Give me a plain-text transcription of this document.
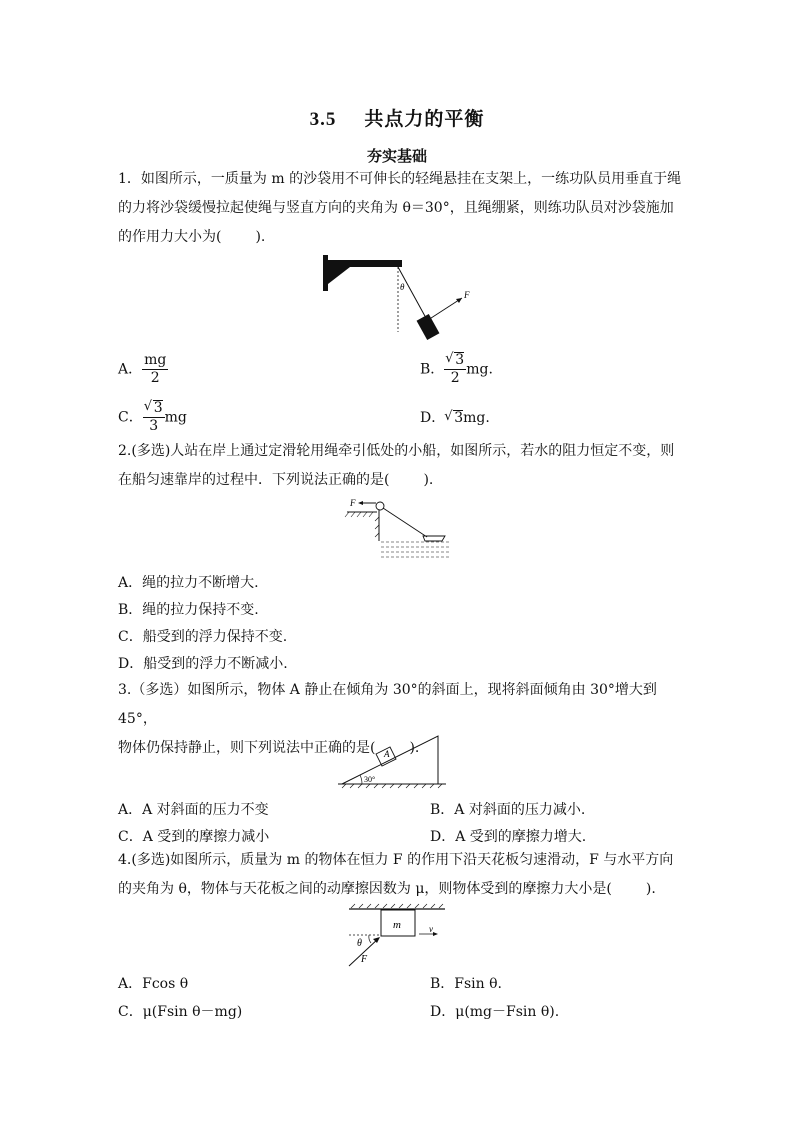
3.5 共点力的平衡
夯实基础
1．如图所示，一质量为 m 的沙袋用不可伸长的轻绳悬挂在支架上，一练功队员用垂直于绳
的力将沙袋缓慢拉起使绳与竖直方向的夹角为 θ＝30°，且绳绷紧，则练功队员对沙袋施加
的作用力大小为( ).
θ
F
A． $\frac{mg}{2}$	B． √ $\frac{3}{2}$ mg.
C． √ $\frac{3}{3}$ mg	D． √ 3mg.
2.(多选)人站在岸上通过定滑轮用绳牵引低处的小船，如图所示，若水的阻力恒定不变，则
在船匀速靠岸的过程中．下列说法正确的是( ).
F
A．绳的拉力不断增大.
B．绳的拉力保持不变.
C．船受到的浮力保持不变.
D．船受到的浮力不断减小.
3.（多选）如图所示，物体 A 静止在倾角为 30°的斜面上，现将斜面倾角由 30°增大到 45°，
物体仍保持静止，则下列说法中正确的是( ).
A
30°
A．A 对斜面的压力不变	B．A 对斜面的压力减小.
C．A 受到的摩擦力减小	D．A 受到的摩擦力增大.
4.(多选)如图所示，质量为 m 的物体在恒力 F 的作用下沿天花板匀速滑动，F 与水平方向
的夹角为 θ，物体与天花板之间的动摩擦因数为 μ，则物体受到的摩擦力大小是( ).
m	v
θ
F
A．Fcos θ	B．Fsin θ.
C．μ(Fsin θ－mg)	D．μ(mg－Fsin θ).
